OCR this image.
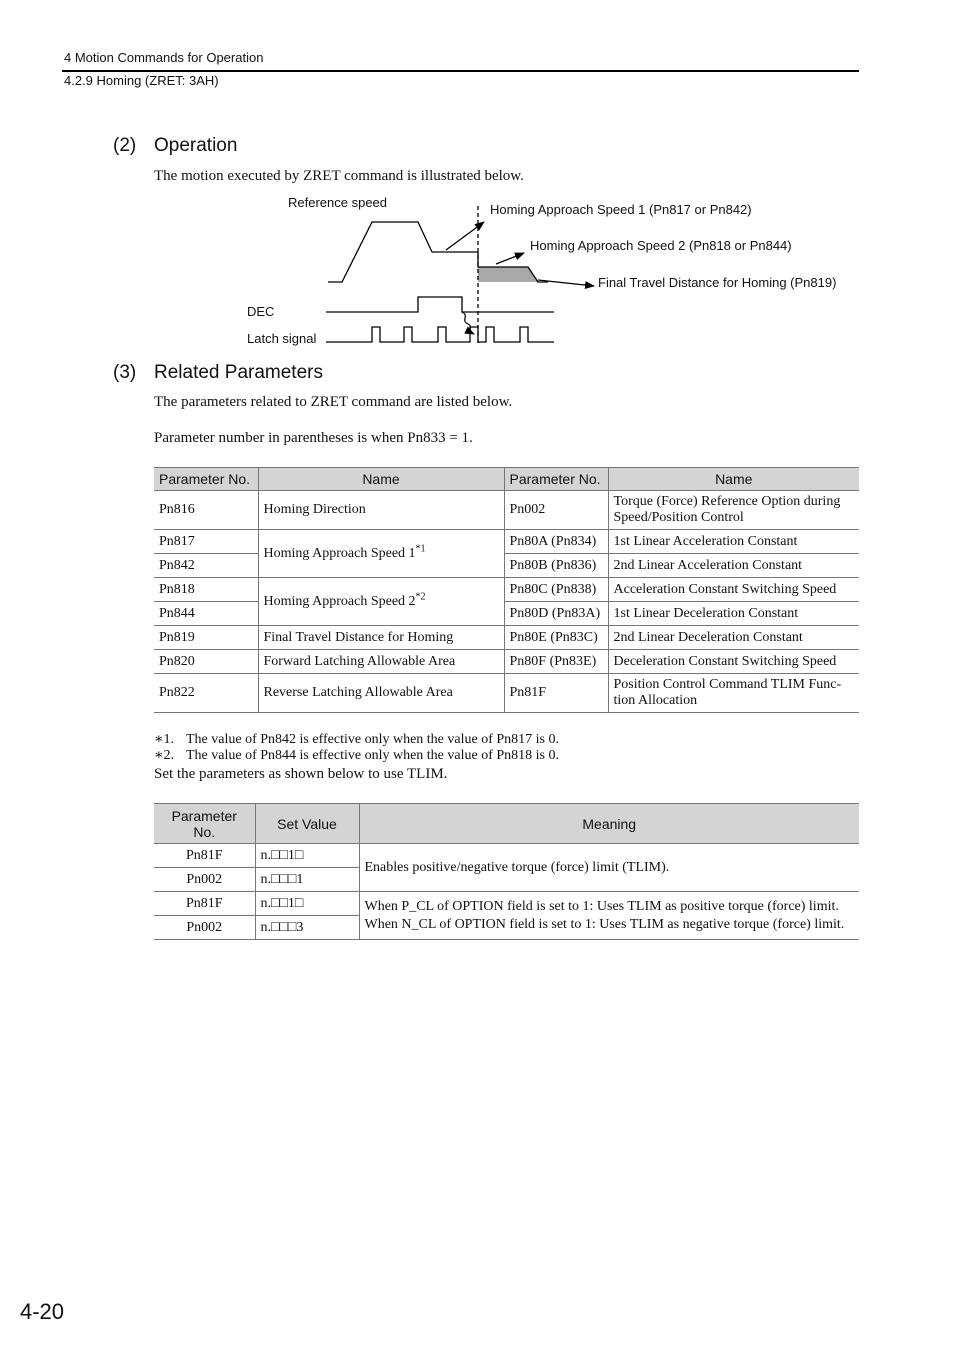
4 Motion Commands for Operation
4.2.9 Homing (ZRET: 3AH)
(2) Operation
The motion executed by ZRET command is illustrated below.
Reference speed	Homing Approach Speed 1 (Pn817 or Pn842)
Homing Approach Speed 2 (Pn818 or Pn844)
Final Travel Distance for Homing (Pn819)
DEC
Latch signal
(3) Related Parameters
The parameters related to ZRET command are listed below.
Parameter number in parentheses is when Pn833 = 1.
Parameter No.	Name	Parameter No.	Name
Pn816	Homing Direction	Pn002	Torque (Force) Reference Option during Speed/Position Control
Pn817	Homing Approach Speed 1$^{*1}$	Pn80A (Pn834)	1st Linear Acceleration Constant
Pn842		Pn80B (Pn836)	2nd Linear Acceleration Constant
Pn818	Homing Approach Speed 2$^{*2}$	Pn80C (Pn838)	Acceleration Constant Switching Speed
Pn844		Pn80D (Pn83A)	1st Linear Deceleration Constant
Pn819	Final Travel Distance for Homing	Pn80E (Pn83C)	2nd Linear Deceleration Constant
Pn820	Forward Latching Allowable Area	Pn80F (Pn83E)	Deceleration Constant Switching Speed
Pn822	Reverse Latching Allowable Area	Pn81F	Position Control Command TLIM Func- tion Allocation
∗1. The value of Pn842 is effective only when the value of Pn817 is 0.
∗2. The value of Pn844 is effective only when the value of Pn818 is 0.
Set the parameters as shown below to use TLIM.
Parameter No.	Set Value	Meaning
Pn81F	n.□□1□	Enables positive/negative torque (force) limit (TLIM).
Pn002	n.□□□1	
Pn81F	n.□□1□	When P_CL of OPTION field is set to 1: Uses TLIM as positive torque (force) limit.
When N_CL of OPTION field is set to 1: Uses TLIM as negative torque (force) limit.

Pn002	n.□□□3	
4-20
